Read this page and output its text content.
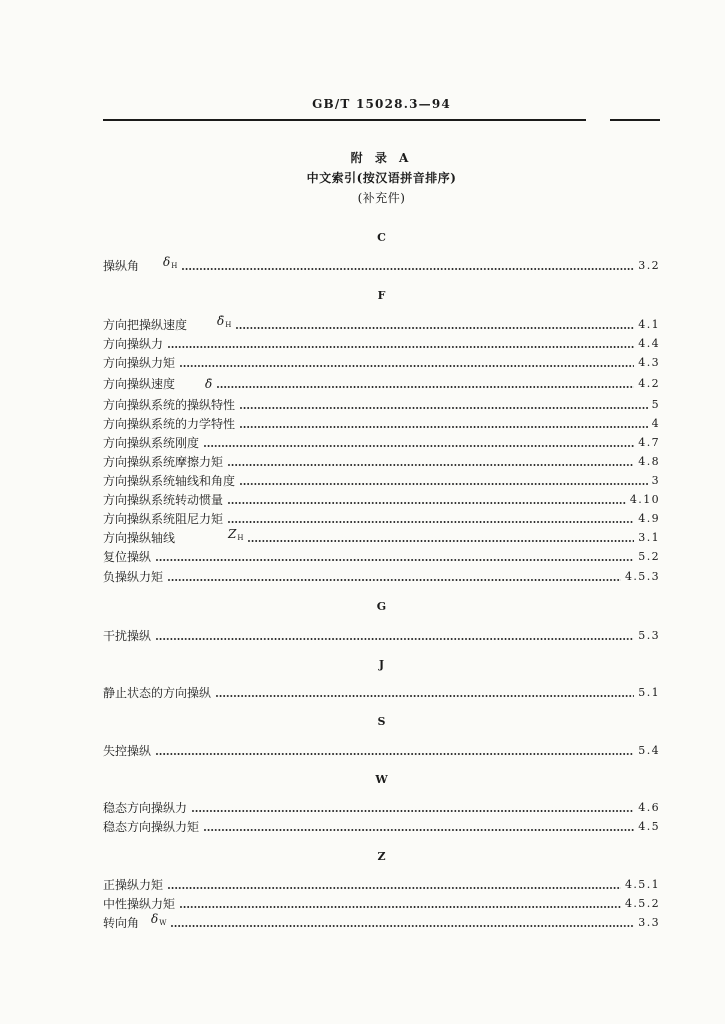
GB/T 15028.3—94
附 录 A
中文索引(按汉语拼音排序)
(补充件)
C
操纵角	$\delta_H$	3.2
F
方向把操纵速度	$\deltȧ_H$	4.1
方向操纵力	4.4
方向操纵力矩	4.3
方向操纵速度	δ̇	4.2
方向操纵系统的操纵特性	5
方向操纵系统的力学特性	4
方向操纵系统刚度	4.7
方向操纵系统摩擦力矩	4.8
方向操纵系统轴线和角度	3
方向操纵系统转动惯量	4.10
方向操纵系统阻尼力矩	4.9
方向操纵轴线	$Z_H$	3.1
复位操纵	5.2
负操纵力矩	4.5.3
G
干扰操纵	5.3
J
静止状态的方向操纵	5.1
S
失控操纵	5.4
W
稳态方向操纵力	4.6
稳态方向操纵力矩	4.5
Z
正操纵力矩	4.5.1
中性操纵力矩	4.5.2
转向角 $\delta_W$	3.3
